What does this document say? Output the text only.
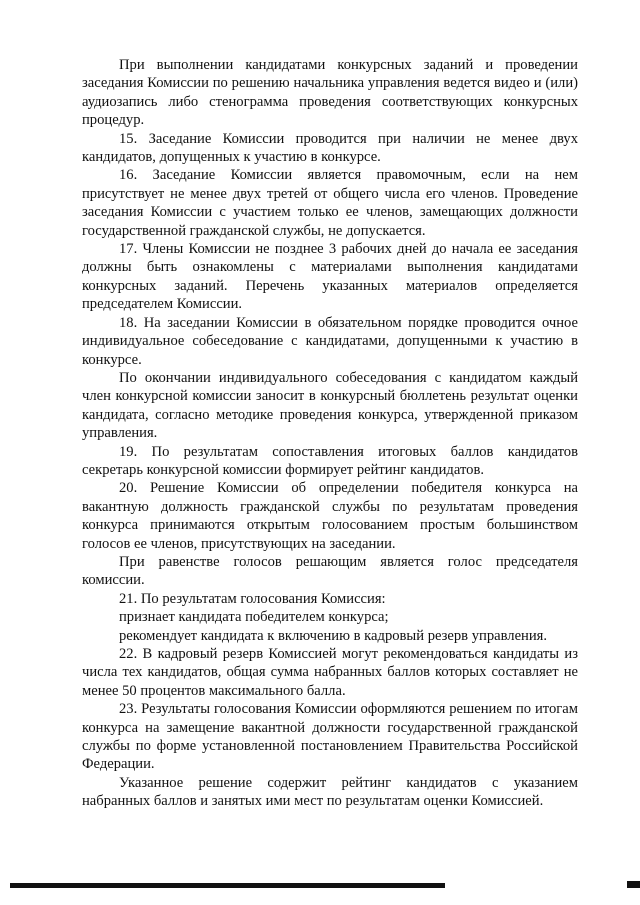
При выполнении кандидатами конкурсных заданий и проведении заседания Комиссии по решению начальника управления ведется видео и (или) аудиозапись либо стенограмма проведения соответствующих конкурсных процедур.

15. Заседание Комиссии проводится при наличии не менее двух кандидатов, допущенных к участию в конкурсе.

16. Заседание Комиссии является правомочным, если на нем присутствует не менее двух третей от общего числа его членов. Проведение заседания Комиссии с участием только ее членов, замещающих должности государственной гражданской службы, не допускается.

17. Члены Комиссии не позднее 3 рабочих дней до начала ее заседания должны быть ознакомлены с материалами выполнения кандидатами конкурсных заданий. Перечень указанных материалов определяется председателем Комиссии.

18. На заседании Комиссии в обязательном порядке проводится очное индивидуальное собеседование с кандидатами, допущенными к участию в конкурсе.

По окончании индивидуального собеседования с кандидатом каждый член конкурсной комиссии заносит в конкурсный бюллетень результат оценки кандидата, согласно методике проведения конкурса, утвержденной приказом управления.

19. По результатам сопоставления итоговых баллов кандидатов секретарь конкурсной комиссии формирует рейтинг кандидатов.

20. Решение Комиссии об определении победителя конкурса на вакантную должность гражданской службы по результатам проведения конкурса принимаются открытым голосованием простым большинством голосов ее членов, присутствующих на заседании.

При равенстве голосов решающим является голос председателя комиссии.

21. По результатам голосования Комиссия:

признает кандидата победителем конкурса;

рекомендует кандидата к включению в кадровый резерв управления.

22. В кадровый резерв Комиссией могут рекомендоваться кандидаты из числа тех кандидатов, общая сумма набранных баллов которых составляет не менее 50 процентов максимального балла.

23. Результаты голосования Комиссии оформляются решением по итогам конкурса на замещение вакантной должности государственной гражданской службы по форме установленной постановлением Правительства Российской Федерации.

Указанное решение содержит рейтинг кандидатов с указанием набранных баллов и занятых ими мест по результатам оценки Комиссией.
